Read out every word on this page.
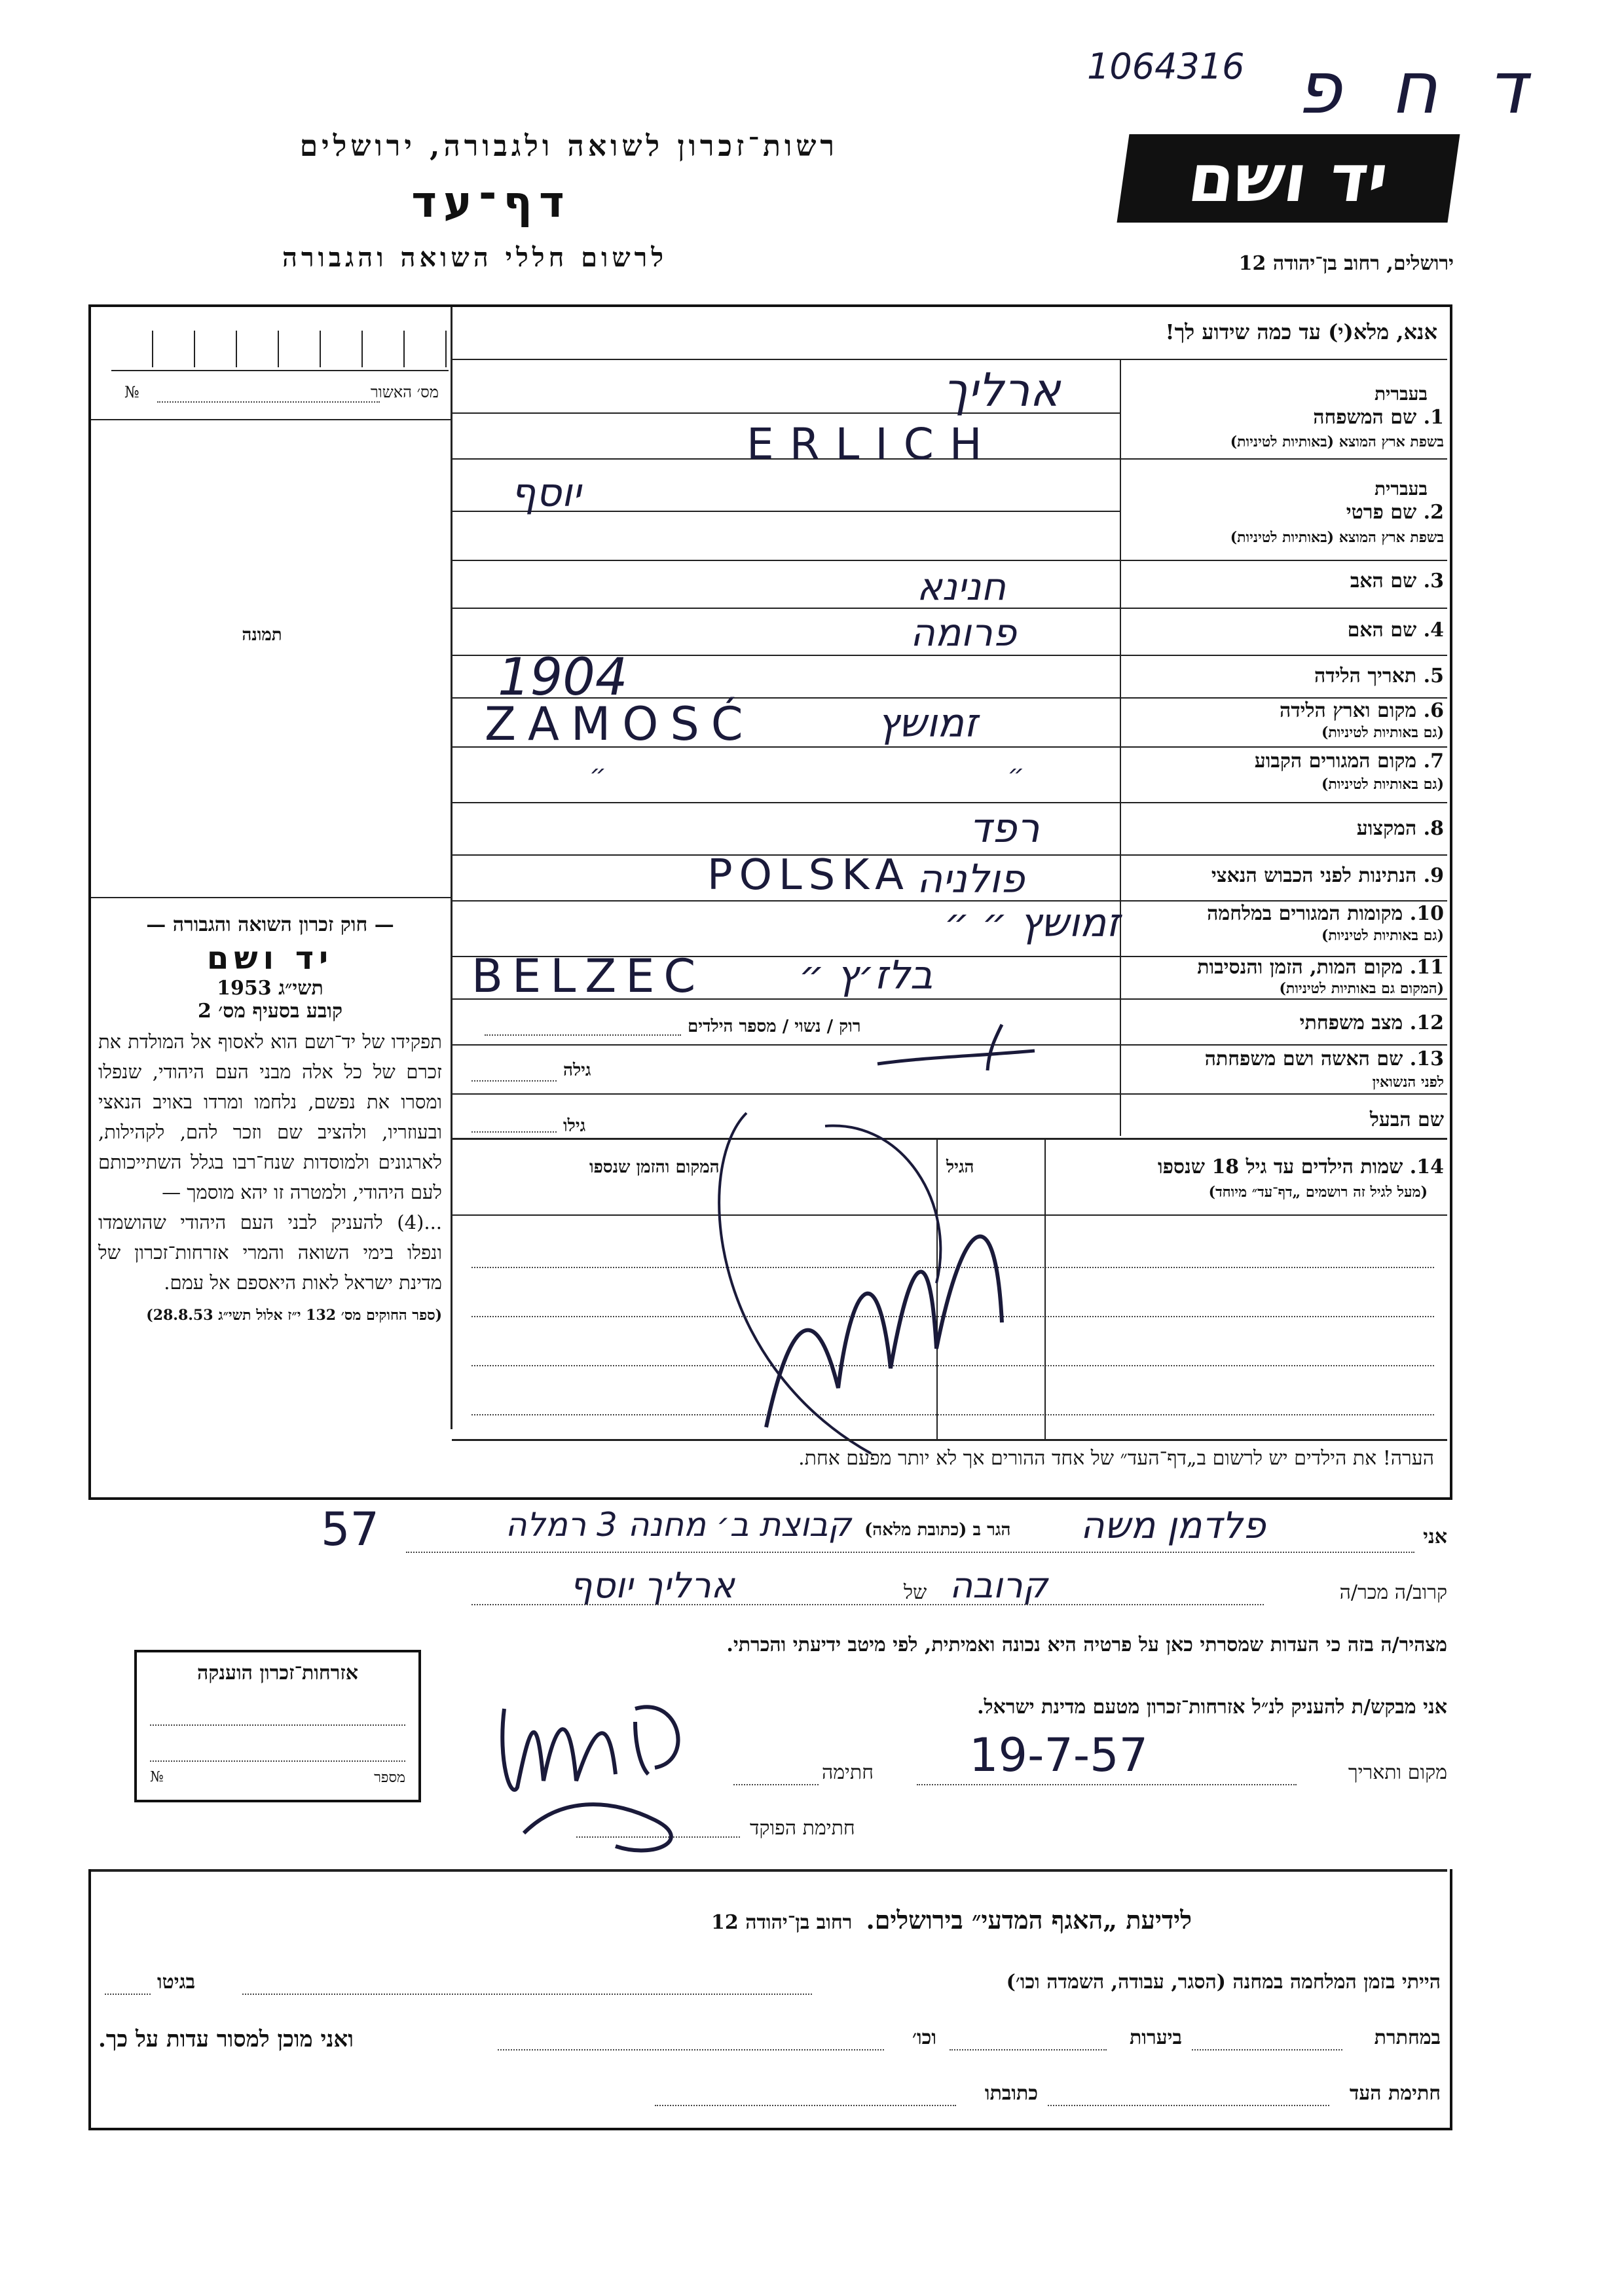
1064316 ד ח פ
יד ושם
רשות־זכרון לשואה ולגבורה, ירושלים
דף־עד
לרשום חללי השואה והגבורה	ירושלים, רחוב בן־יהודה 12
מס׳ האשור
№
תמונה
אנא, מלא(י) עד כמה שידוע לך!
בעברית
1. שם המשפחה
בשפת ארץ המוצא (באותיות לטיניות)
בעברית
2. שם פרטי
בשפת ארץ המוצא (באותיות לטיניות)
3. שם האב
4. שם האם
5. תאריך הלידה
6. מקום וארץ הלידה
(גם באותיות לטיניות)
7. מקום המגורים הקבוע
(גם באותיות לטיניות)
8. המקצוע
9. הנתינות לפני הכבוש הנאצי
10. מקומות המגורים במלחמה
(גם באותיות לטיניות)
11. מקום המות, הזמן והנסיבות
(המקום גם באותיות לטיניות)
12. מצב משפחתי
13. שם האשה ושם משפחתה
לפני הנשואין
שם הבעל
ארליך
ERLICH
יוסף
חנינא
פרומה
1904
ZAMOSĆ	זמושץ
״ ״
רפד
POLSKA פולניה
זמושץ ״ ״
BELZEC בלז׳ץ ״
רוק / נשוי / מספר הילדים
גילה
גילו
14. שמות הילדים עד גיל 18 שנספו
(מעל לגיל זה רושמים „דף־עד״ מיוחד)
הגיל
המקום והזמן שנספו

— חוק זכרון השואה והגבורה —

יד ושם

תשי״ג 1953

קובע בסעיף מס׳ 2

תפקידו של יד־ושם הוא לאסוף אל המולדת את זכרם של כל אלה מבני העם היהודי, שנפלו ומסרו את נפשם, נלחמו ומרדו באויב הנאצי ובעוזריו, ולהציב שם וזכר להם, לקהילות, לארגונים ולמוסדות שנח־רבו בגלל השתייכותם לעם היהודי, ולמטרה זו יהא מוסמך —

...(4) להעניק לבני העם היהודי שהושמדו ונפלו בימי השואה והמרי אזרחות־זכרון של מדינת ישראל לאות היאספם אל עמם.

(ספר החוקים מס׳ 132 י״ז אלול תשי״ג 28.8.53)

הערה! את הילדים יש לרשום ב„דף־העד״ של אחד ההורים אך לא יותר מפעם אחת.
אני
פלדמן משה
הגר ב (כתובת מלאה)
קבוצת ב׳ מחנה 3 רמלה
57
קרוב/ה מכר/ה
קרובה
של
ארליך יוסף
מצהיר/ה בזה כי העדות שמסרתי כאן על פרטיה היא נכונה ואמיתית, לפי מיטב ידיעתי והכרתי.
אזרחות־זכרון הוענקה
מספר
№
אני מבקש/ת להעניק לנ״ל אזרחות־זכרון מטעם מדינת ישראל.
מקום ותאריך
19-7-57
חתימה
חתימת הפוקד
לידיעת „האגף המדעי״ בירושלים. רחוב בן־יהודה 12
הייתי בזמן המלחמה במחנה (הסגר, עבודה, השמדה וכו׳)
בגיטו
במחתרת
ביערות
וכו׳
ואני מוכן למסור עדות על כך.
חתימת העד
כתובתו
